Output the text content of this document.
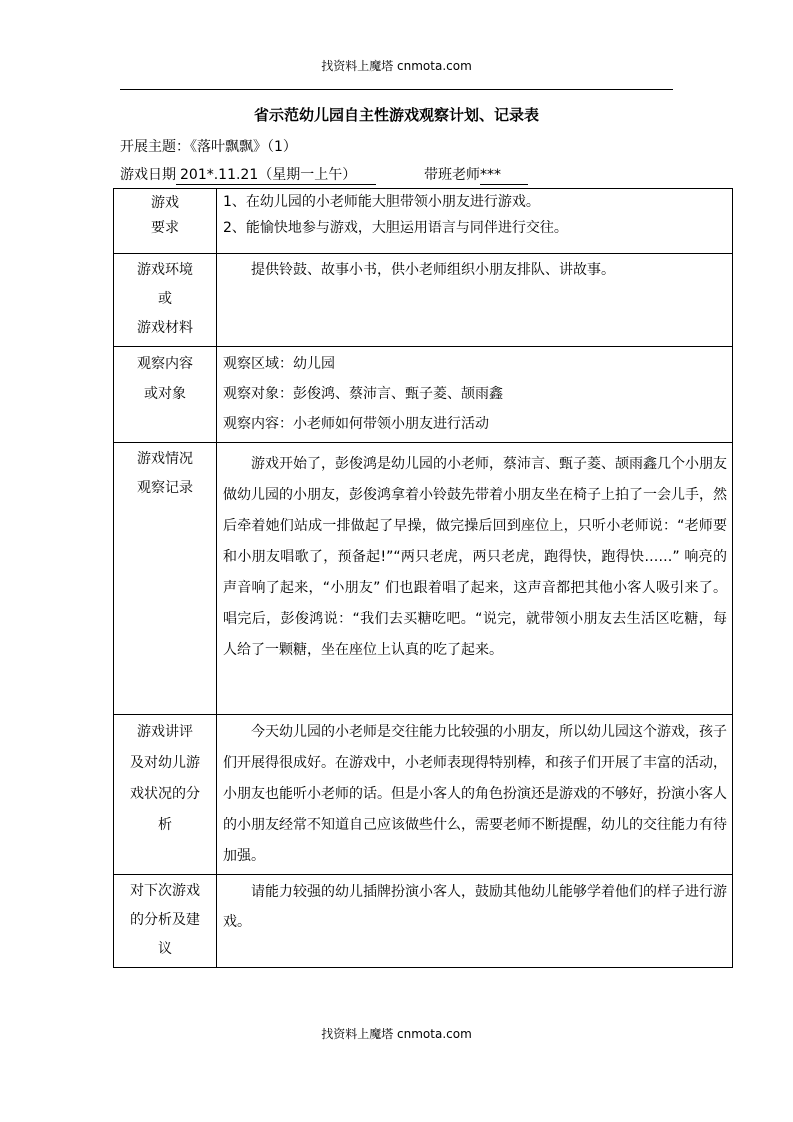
找资料上魔塔 cnmota.com
省示范幼儿园自主性游戏观察计划、记录表
开展主题：《落叶飘飘》（1）
游戏日期 201*.11.21（星期一上午）	带班老师***
游戏
要求	1、在幼儿园的小老师能大胆带领小朋友进行游戏。
2、能愉快地参与游戏，大胆运用语言与同伴进行交往。

游戏环境
或
游戏材料	提供铃鼓、故事小书，供小老师组织小朋友排队、讲故事。

观察内容
或对象	观察区域：幼儿园
观察对象：彭俊鸿、蔡沛言、甄子菱、颉雨鑫
观察内容：小老师如何带领小朋友进行活动

游戏情况
观察记录	游戏开始了，彭俊鸿是幼儿园的小老师，蔡沛言、甄子菱、颉雨鑫几个小朋友做幼儿园的小朋友，彭俊鸿拿着小铃鼓先带着小朋友坐在椅子上拍了一会儿手，然后牵着她们站成一排做起了早操，做完操后回到座位上，只听小老师说：“老师要和小朋友唱歌了，预备起!”“两只老虎，两只老虎，跑得快，跑得快……” 响亮的声音响了起来，“小朋友” 们也跟着唱了起来，这声音都把其他小客人吸引来了。唱完后，彭俊鸿说：“我们去买糖吃吧。“说完，就带领小朋友去生活区吃糖，每人给了一颗糖，坐在座位上认真的吃了起来。

游戏讲评
及对幼儿游
戏状况的分
析	今天幼儿园的小老师是交往能力比较强的小朋友，所以幼儿园这个游戏，孩子们开展得很成好。在游戏中，小老师表现得特别棒，和孩子们开展了丰富的活动，小朋友也能听小老师的话。但是小客人的角色扮演还是游戏的不够好，扮演小客人的小朋友经常不知道自己应该做些什么，需要老师不断提醒，幼儿的交往能力有待加强。

对下次游戏
的分析及建
议	请能力较强的幼儿插牌扮演小客人，鼓励其他幼儿能够学着他们的样子进行游戏。
找资料上魔塔 cnmota.com
